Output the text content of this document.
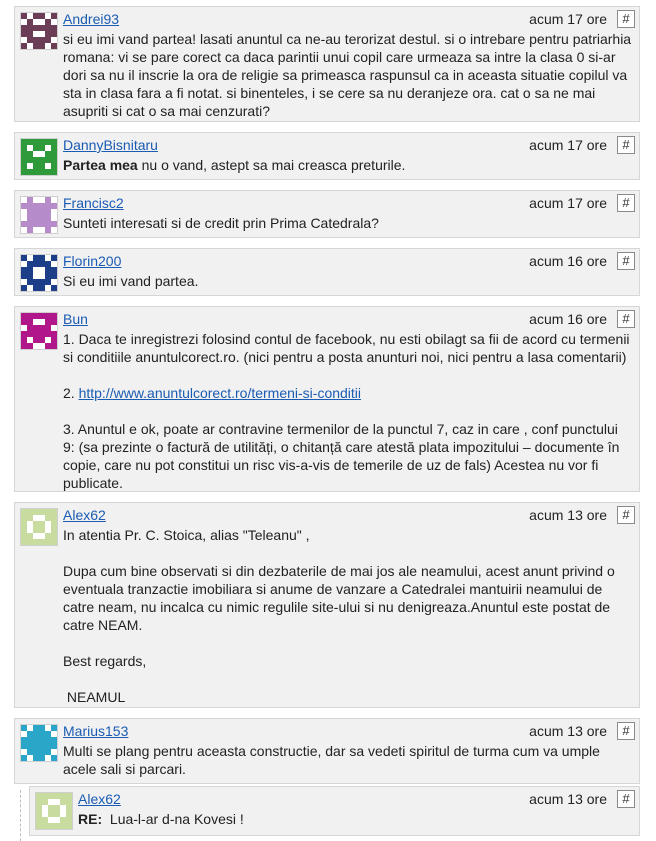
Andrei93	acum 17 ore	#

si eu imi vand partea! lasati anuntul ca ne-au terorizat destul. si o intrebare pentru patriarhia romana: vi se pare corect ca daca parintii unui copil care urmeaza sa intre la clasa 0 si-ar dori sa nu il inscrie la ora de religie sa primeasca raspunsul ca in aceasta situatie copilul va sta in clasa fara a fi notat. si binenteles, i se cere sa nu deranjeze ora. cat o sa ne mai asupriti si cat o sa mai cenzurati?

DannyBisnitaru	acum 17 ore	#

Partea mea nu o vand, astept sa mai creasca preturile.

Francisc2	acum 17 ore	#

Sunteti interesati si de credit prin Prima Catedrala?

Florin200	acum 16 ore	#

Si eu imi vand partea.

Bun	acum 16 ore	#

1. Daca te inregistrezi folosind contul de facebook, nu esti obilagt sa fii de acord cu termenii si conditiile anuntulcorect.ro. (nici pentru a posta anunturi noi, nici pentru a lasa comentarii)

2. http://www.anuntulcorect.ro/termeni-si-conditii

3. Anuntul e ok, poate ar contravine termenilor de la punctul 7, caz in care , conf punctului 9: (sa prezinte o factură de utilități, o chitanță care atestă plata impozitului – documente în copie, care nu pot constitui un risc vis-a-vis de temerile de uz de fals) Acestea nu vor fi publicate.

Alex62	acum 13 ore	#

In atentia Pr. C. Stoica, alias "Teleanu" ,

Dupa cum bine observati si din dezbaterile de mai jos ale neamului, acest anunt privind o eventuala tranzactie imobiliara si anume de vanzare a Catedralei mantuirii neamului de catre neam, nu incalca cu nimic regulile site-ului si nu denigreaza.Anuntul este postat de catre NEAM.

Best regards,

NEAMUL

Marius153	acum 13 ore	#

Multi se plang pentru aceasta constructie, dar sa vedeti spiritul de turma cum va umple acele sali si parcari.

Alex62	acum 13 ore	#

RE:  Lua-l-ar d-na Kovesi !
